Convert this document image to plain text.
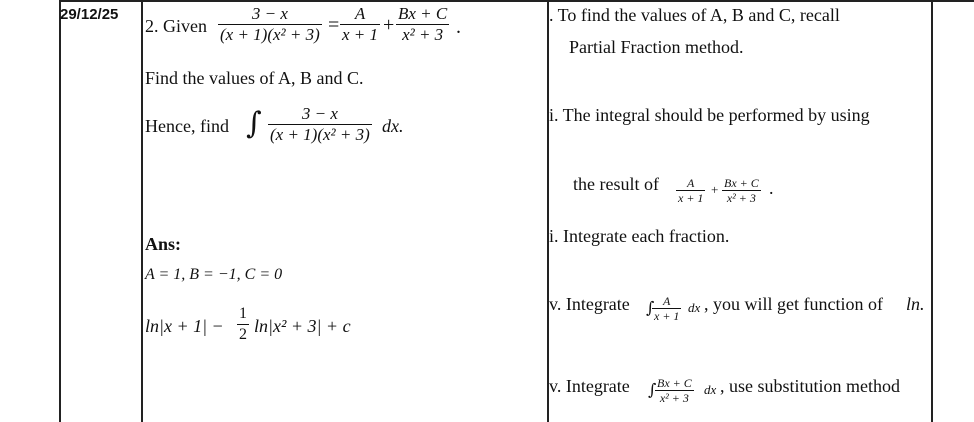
29/12/25
2. Given $\frac{3 - x}{\text{(x + 1)(x² + 3)}} = \frac{A}{x + 1} + \frac{Bx + C}{\text{x² + 3}}$ .
Find the values of A, B and C.
Hence, find ∫ $\frac{3 - x}{\text{(x + 1)(x² + 3)}}$ dx.
Ans:
A = 1, B = −1, C = 0
$\ln|x + 1| - \frac{1}{2} \ln|x^2 + 3| + c$
. To find the values of A, B and C, recall
Partial Fraction method.
i. The integral should be performed by using
the result of $\frac{A}{x + 1} + \frac{Bx + C}{\text{x² + 3}}$ .
i. Integrate each fraction.
v. Integrate ∫
$\frac{A}{x + 1}$ dx , you will get function of ln.
v. Integrate ∫
$\frac{Bx + C}{\text{x² + 3}}$ dx , use substitution method
